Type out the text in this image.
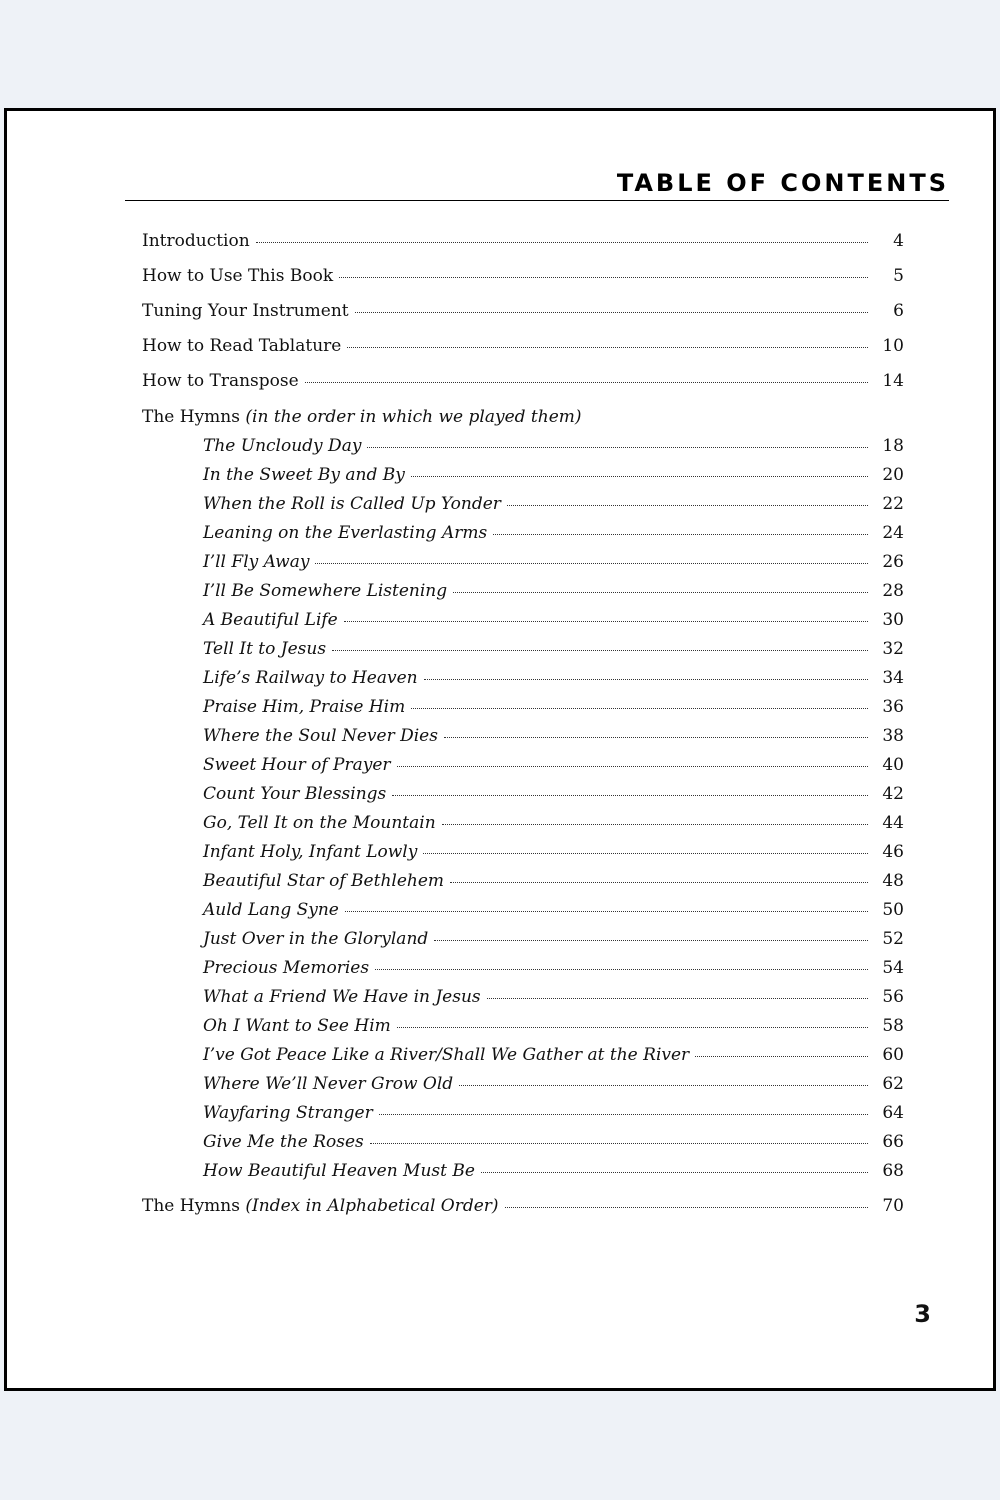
TABLE OF CONTENTS
Introduction	4
How to Use This Book	5
Tuning Your Instrument	6
How to Read Tablature	10
How to Transpose	14
The Hymns (in the order in which we played them)
The Uncloudy Day	18
In the Sweet By and By	20
When the Roll is Called Up Yonder	22
Leaning on the Everlasting Arms	24
I’ll Fly Away	26
I’ll Be Somewhere Listening	28
A Beautiful Life	30
Tell It to Jesus	32
Life’s Railway to Heaven	34
Praise Him, Praise Him	36
Where the Soul Never Dies	38
Sweet Hour of Prayer	40
Count Your Blessings	42
Go, Tell It on the Mountain	44
Infant Holy, Infant Lowly	46
Beautiful Star of Bethlehem	48
Auld Lang Syne	50
Just Over in the Gloryland	52
Precious Memories	54
What a Friend We Have in Jesus	56
Oh I Want to See Him	58
I’ve Got Peace Like a River/Shall We Gather at the River	60
Where We’ll Never Grow Old	62
Wayfaring Stranger	64
Give Me the Roses	66
How Beautiful Heaven Must Be	68
The Hymns (Index in Alphabetical Order)	70
3
